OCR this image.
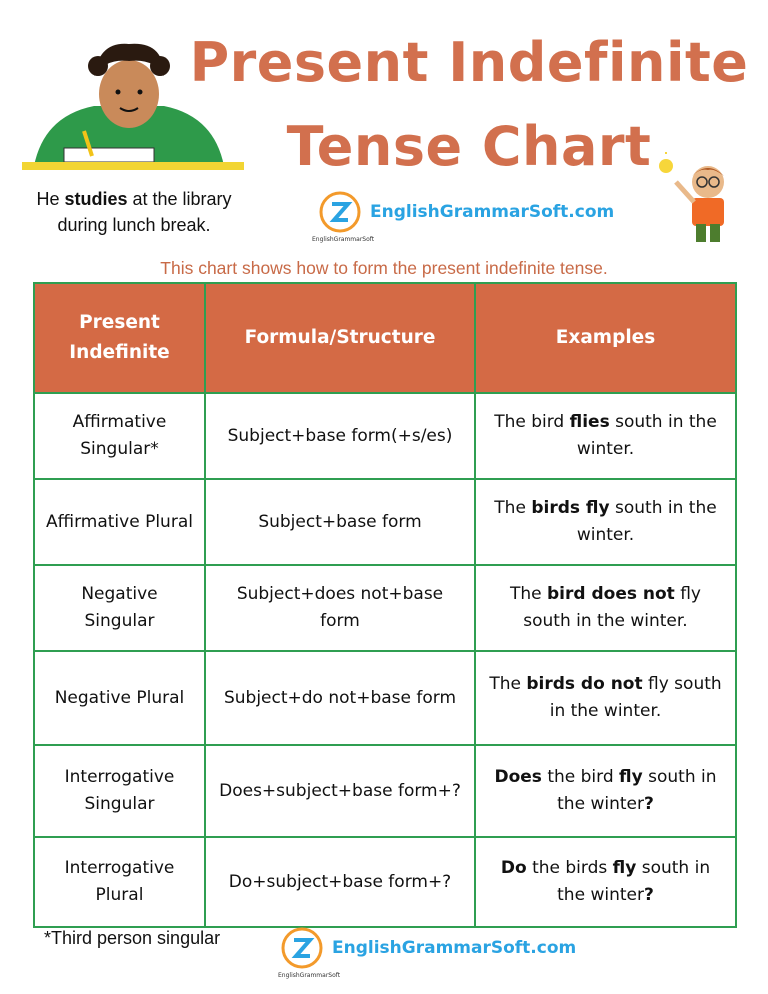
Present Indefinite
Tense Chart
He studies at the library during lunch break.
EnglishGrammarSoft.com
EnglishGrammarSoft
This chart shows how to form the present indefinite tense.
Present Indefinite	Formula/Structure	Examples
Affirmative Singular*	Subject+base form(+s/es)	The bird flies south in the winter.
Affirmative Plural	Subject+base form	The birds fly south in the winter.
Negative Singular	Subject+does not+base form	The bird does not fly south in the winter.
Negative Plural	Subject+do not+base form	The birds do not fly south in the winter.
Interrogative Singular	Does+subject+base form+?	Does the bird fly south in the winter?
Interrogative Plural	Do+subject+base form+?	Do the birds fly south in the winter?
*Third person singular	EnglishGrammarSoft.com
EnglishGrammarSoft
